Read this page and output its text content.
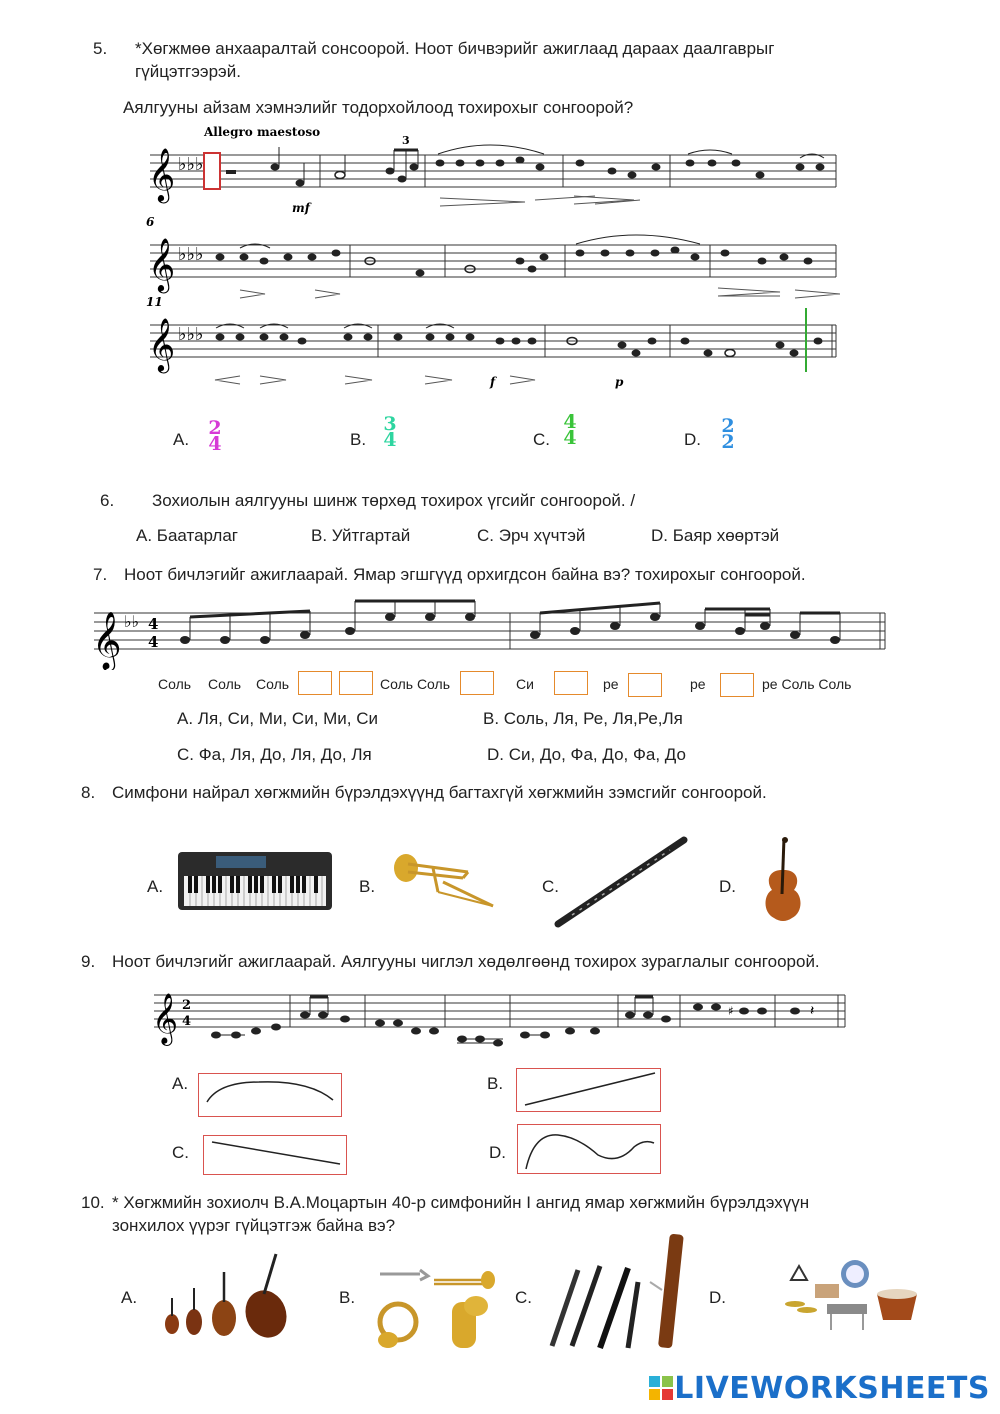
5. *Хөгжмөө анхааралтай сонсоорой. Ноот бичвэрийг ажиглаад дараах даалгаврыг
гүйцэтгээрэй.
Аялгууны айзам хэмнэлийг тодорхойлоод тохирохыг сонгоорой?
Allegro maestoso
𝄞 ♭♭♭
3
mf
6
𝄞 ♭♭♭
11
𝄞 ♭♭♭
f	p
A.
2
4	B.
3
4	C.
4
4	D.
2
2
6. Зохиолын аялгууны шинж төрхөд тохирох үгсийг сонгоорой. /
A. Баатарлаг	B. Уйтгартай	C. Эрч хүчтэй	D. Баяр хөөртэй
7. Ноот бичлэгийг ажиглаарай. Ямар эгшгүүд орхигдсон байна вэ? тохирохыг сонгоорой.
𝄞 ♭♭ 4
4
Соль Соль Соль	Соль Соль	Си	ре	ре	ре Соль Соль
A. Ля, Си, Ми, Си, Ми, Си	B. Соль, Ля, Ре, Ля,Ре,Ля
C. Фа, Ля, До, Ля, До, Ля	D. Си, До, Фа, До, Фа, До
8. Симфони найрал хөгжмийн бүрэлдэхүүнд багтахгүй хөгжмийн зэмсгийг сонгоорой.
A.	B.	C.	D.
9. Ноот бичлэгийг ажиглаарай. Аялгууны чиглэл хөдөлгөөнд тохирох зураглалыг сонгоорой.
𝄞 2
4
♯	𝄽
A.	B.
C.	D.
10. * Хөгжмийн зохиолч В.А.Моцартын 40-р симфонийн I ангид ямар хөгжмийн бүрэлдэхүүн
зонхилох үүрэг гүйцэтгэж байна вэ?
A.	B.	C.	D.
LIVEWORKSHEETS
